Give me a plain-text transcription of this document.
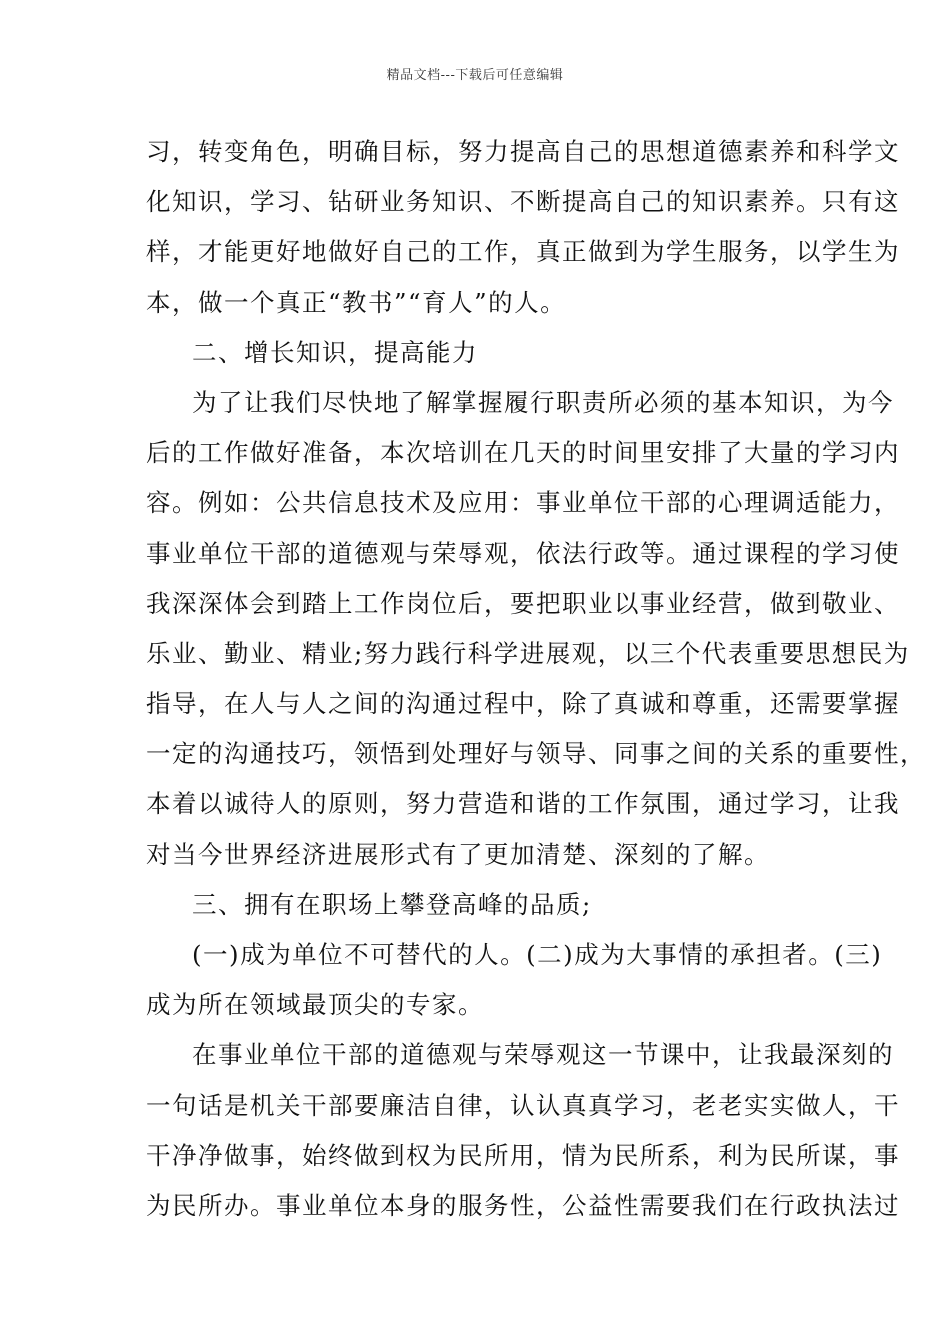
精品文档---下载后可任意编辑
习，转变角色，明确目标，努力提高自己的思想道德素养和科学文
化知识，学习、钻研业务知识、不断提高自己的知识素养。只有这
样，才能更好地做好自己的工作，真正做到为学生服务，以学生为
本，做一个真正“教书”“育人”的人。
二、增长知识，提高能力
为了让我们尽快地了解掌握履行职责所必须的基本知识，为今
后的工作做好准备，本次培训在几天的时间里安排了大量的学习内
容。例如：公共信息技术及应用：事业单位干部的心理调适能力，
事业单位干部的道德观与荣辱观，依法行政等。通过课程的学习使
我深深体会到踏上工作岗位后，要把职业以事业经营，做到敬业、
乐业、勤业、精业;努力践行科学进展观，以三个代表重要思想民为
指导，在人与人之间的沟通过程中，除了真诚和尊重，还需要掌握
一定的沟通技巧，领悟到处理好与领导、同事之间的关系的重要性，
本着以诚待人的原则，努力营造和谐的工作氛围，通过学习，让我
对当今世界经济进展形式有了更加清楚、深刻的了解。
三、拥有在职场上攀登高峰的品质;
(一)成为单位不可替代的人。(二)成为大事情的承担者。(三)
成为所在领域最顶尖的专家。
在事业单位干部的道德观与荣辱观这一节课中，让我最深刻的
一句话是机关干部要廉洁自律，认认真真学习，老老实实做人，干
干净净做事，始终做到权为民所用，情为民所系，利为民所谋，事
为民所办。事业单位本身的服务性，公益性需要我们在行政执法过
